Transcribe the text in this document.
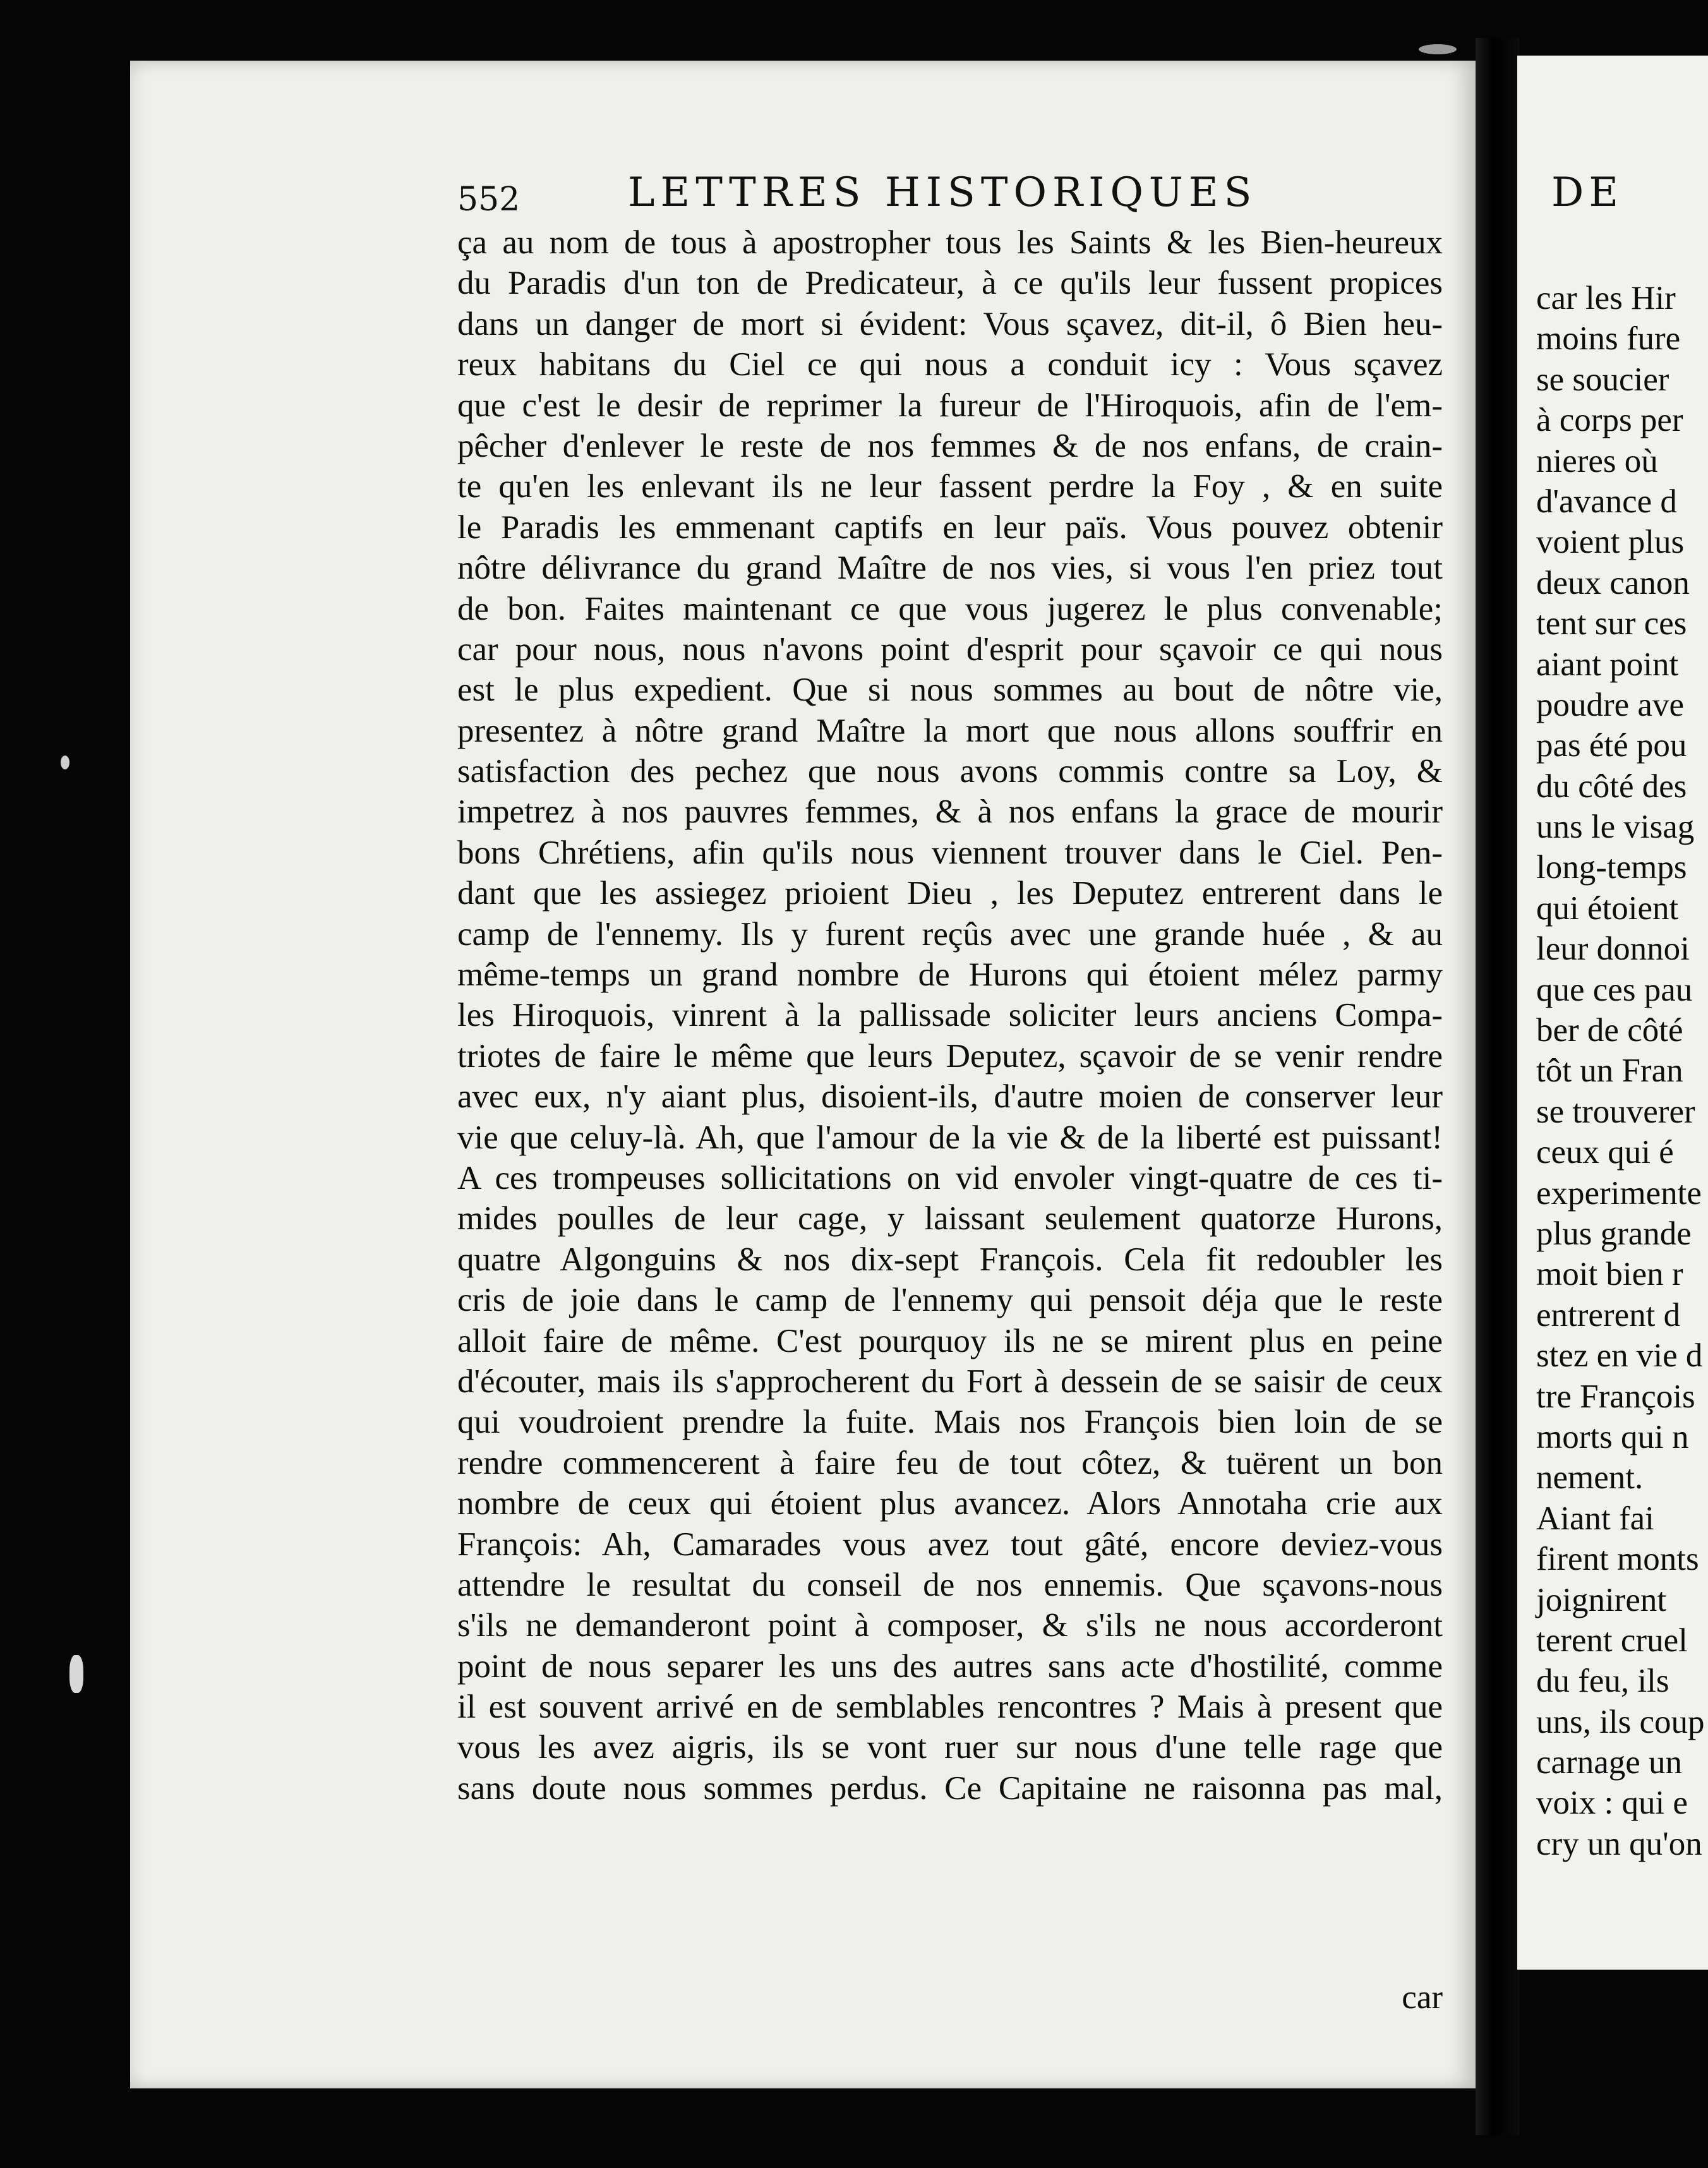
552	LETTRES HISTORIQUES
ça au nom de tous à apostropher tous les Saints & les Bien-heureux
du Paradis d'un ton de Predicateur, à ce qu'ils leur fussent propices
dans un danger de mort si évident: Vous sçavez, dit-il, ô Bien heu-
reux habitans du Ciel ce qui nous a conduit icy : Vous sçavez
que c'est le desir de reprimer la fureur de l'Hiroquois, afin de l'em-
pêcher d'enlever le reste de nos femmes & de nos enfans, de crain-
te qu'en les enlevant ils ne leur fassent perdre la Foy , & en suite
le Paradis les emmenant captifs en leur païs. Vous pouvez obtenir
nôtre délivrance du grand Maître de nos vies, si vous l'en priez tout
de bon. Faites maintenant ce que vous jugerez le plus convenable;
car pour nous, nous n'avons point d'esprit pour sçavoir ce qui nous
est le plus expedient. Que si nous sommes au bout de nôtre vie,
presentez à nôtre grand Maître la mort que nous allons souffrir en
satisfaction des pechez que nous avons commis contre sa Loy, &
impetrez à nos pauvres femmes, & à nos enfans la grace de mourir
bons Chrétiens, afin qu'ils nous viennent trouver dans le Ciel. Pen-
dant que les assiegez prioient Dieu , les Deputez entrerent dans le
camp de l'ennemy. Ils y furent reçûs avec une grande huée , & au
même-temps un grand nombre de Hurons qui étoient mélez parmy
les Hiroquois, vinrent à la pallissade soliciter leurs anciens Compa-
triotes de faire le même que leurs Deputez, sçavoir de se venir rendre
avec eux, n'y aiant plus, disoient-ils, d'autre moien de conserver leur
vie que celuy-là. Ah, que l'amour de la vie & de la liberté est puissant!
A ces trompeuses sollicitations on vid envoler vingt-quatre de ces ti-
mides poulles de leur cage, y laissant seulement quatorze Hurons,
quatre Algonguins & nos dix-sept François. Cela fit redoubler les
cris de joie dans le camp de l'ennemy qui pensoit déja que le reste
alloit faire de même. C'est pourquoy ils ne se mirent plus en peine
d'écouter, mais ils s'approcherent du Fort à dessein de se saisir de ceux
qui voudroient prendre la fuite. Mais nos François bien loin de se
rendre commencerent à faire feu de tout côtez, & tuërent un bon
nombre de ceux qui étoient plus avancez. Alors Annotaha crie aux
François: Ah, Camarades vous avez tout gâté, encore deviez-vous
attendre le resultat du conseil de nos ennemis. Que sçavons-nous
s'ils ne demanderont point à composer, & s'ils ne nous accorderont
point de nous separer les uns des autres sans acte d'hostilité, comme
il est souvent arrivé en de semblables rencontres ? Mais à present que
vous les avez aigris, ils se vont ruer sur nous d'une telle rage que
sans doute nous sommes perdus. Ce Capitaine ne raisonna pas mal,
car
DE
car les Hir
moins fure
se soucier
à corps per
nieres où
d'avance d
voient plus
deux canon
tent sur ces
aiant point
poudre ave
pas été pou
du côté des
uns le visag
long-temps
qui étoient
leur donnoi
que ces pau
ber de côté
tôt un Fran
se trouverer
ceux qui é
experimente
plus grande
moit bien r
entrerent d
stez en vie d
tre François
morts qui n
nement.
Aiant fai
firent monts
joignirent
terent cruel
du feu, ils
uns, ils coup
carnage un
voix : qui e
cry un qu'on
